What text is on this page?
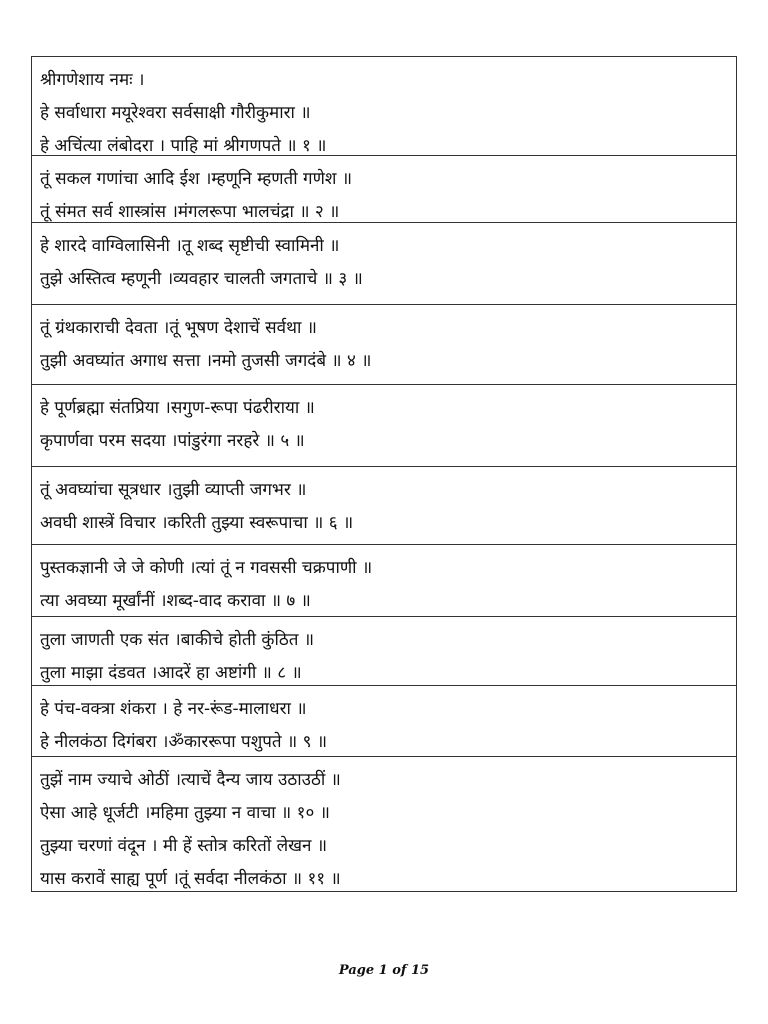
श्रीगणेशाय नमः ।
हे सर्वाधारा मयूरेश्वरा सर्वसाक्षी गौरीकुमारा ॥
हे अचिंत्या लंबोदरा । पाहि मां श्रीगणपते ॥ १ ॥
तूं सकल गणांचा आदि ईश ।म्हणूनि म्हणती गणेश ॥
तूं संमत सर्व शास्त्रांस ।मंगलरूपा भालचंद्रा ॥ २ ॥
हे शारदे वाग्विलासिनी ।तू शब्द सृष्टीची स्वामिनी ॥
तुझे अस्तित्व म्हणूनी ।व्यवहार चालती जगताचे ॥ ३ ॥
तूं ग्रंथकाराची देवता ।तूं भूषण देशाचें सर्वथा ॥
तुझी अवघ्यांत अगाध सत्ता ।नमो तुजसी जगदंबे ॥ ४ ॥
हे पूर्णब्रह्मा संतप्रिया ।सगुण-रूपा पंढरीराया ॥
कृपार्णवा परम सदया ।पांडुरंगा नरहरे ॥ ५ ॥
तूं अवघ्यांचा सूत्रधार ।तुझी व्याप्ती जगभर ॥
अवघी शास्त्रें विचार ।करिती तुझ्या स्वरूपाचा ॥ ६ ॥
पुस्तकज्ञानी जे जे कोणी ।त्यां तूं न गवससी चक्रपाणी ॥
त्या अवघ्या मूर्खांनीं ।शब्द-वाद करावा ॥ ७ ॥
तुला जाणती एक संत ।बाकीचे होती कुंठित ॥
तुला माझा दंडवत ।आदरें हा अष्टांगी ॥ ८ ॥
हे पंच-वक्त्रा शंकरा । हे नर-रूंड-मालाधरा ॥
हे नीलकंठा दिगंबरा ।ॐकाररूपा पशुपते ॥ ९ ॥
तुझें नाम ज्याचे ओठीं ।त्याचें दैन्य जाय उठाउठीं ॥
ऐसा आहे धूर्जटी ।महिमा तुझ्या न वाचा ॥ १० ॥
तुझ्या चरणां वंदून । मी हें स्तोत्र करितों लेखन ॥
यास करावें साह्य पूर्ण ।तूं सर्वदा नीलकंठा ॥ ११ ॥
Page 1 of 15
